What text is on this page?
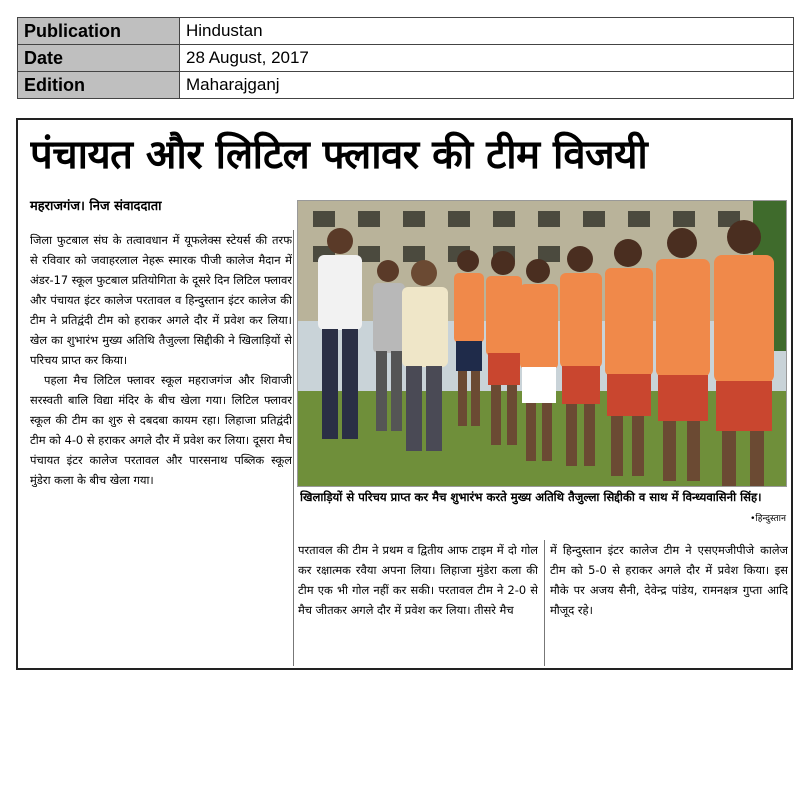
Publication	Hindustan
Date	28 August, 2017
Edition	Maharajganj
पंचायत और लिटिल फ्लावर की टीम विजयी
महराजगंज। निज संवाददाता

जिला फुटबाल संघ के तत्वावधान में यूफलेक्स स्टेयर्स की तरफ से रविवार को जवाहरलाल नेहरू स्मारक पीजी कालेज मैदान में अंडर-17 स्कूल फुटबाल प्रतियोगिता के दूसरे दिन लिटिल फ्लावर और पंचायत इंटर कालेज परतावल व हिन्दुस्तान इंटर कालेज की टीम ने प्रतिद्वंदी टीम को हराकर अगले दौर में प्रवेश कर लिया। खेल का शुभारंभ मुख्य अतिथि तैजुल्ला सिद्दीकी ने खिलाड़ियों से परिचय प्राप्त कर किया।

पहला मैच लिटिल फ्लावर स्कूल महराजगंज और शिवाजी सरस्वती बालि विद्या मंदिर के बीच खेला गया। लिटिल फ्लावर स्कूल की टीम का शुरु से दबदबा कायम रहा। लिहाजा प्रतिद्वंदी टीम को 4-0 से हराकर अगले दौर में प्रवेश कर लिया। दूसरा मैच पंचायत इंटर कालेज परतावल और पारसनाथ पब्लिक स्कूल मुंडेरा कला के बीच खेला गया।

खिलाड़ियों से परिचय प्राप्त कर मैच शुभारंभ करते मुख्य अतिथि तैजुल्ला सिद्दीकी व साथ में विन्ध्यवासिनी सिंह।
•हिन्दुस्तान

परतावल की टीम ने प्रथम व द्वितीय आफ टाइम में दो गोल कर रक्षात्मक रवैया अपना लिया। लिहाजा मुंडेरा कला की टीम एक भी गोल नहीं कर सकी। परतावल टीम ने 2-0 से मैच जीतकर अगले दौर में प्रवेश कर लिया। तीसरे मैच

में हिन्दुस्तान इंटर कालेज टीम ने एसएमजीपीजे कालेज टीम को 5-0 से हराकर अगले दौर में प्रवेश किया। इस मौके पर अजय सैनी, देवेन्द्र पांडेय, रामनक्षत्र गुप्ता आदि मौजूद रहे।
